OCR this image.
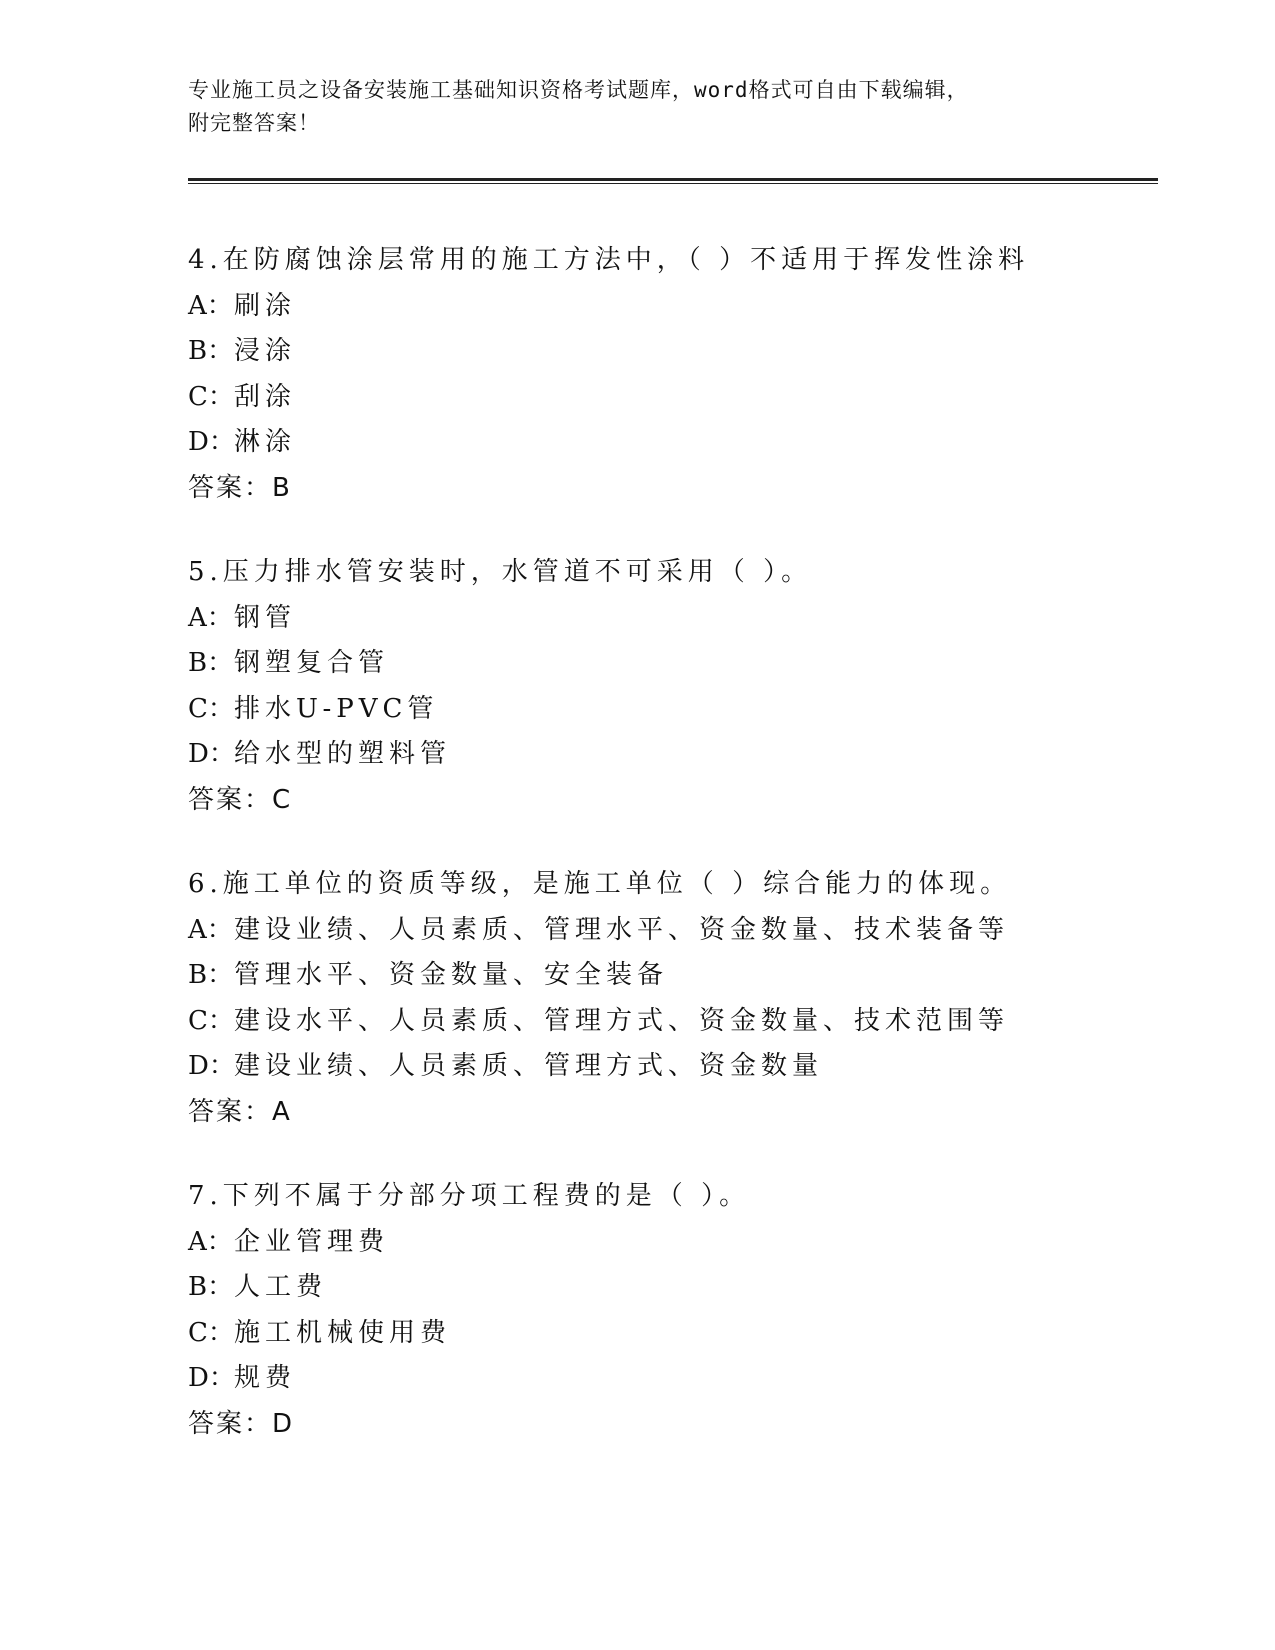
专业施工员之设备安装施工基础知识资格考试题库，word格式可自由下载编辑，
附完整答案！
4.在防腐蚀涂层常用的施工方法中，（ ）不适用于挥发性涂料
A：刷涂
B：浸涂
C：刮涂
D：淋涂
答案：B
5.压力排水管安装时，水管道不可采用（ ）。
A：钢管
B：钢塑复合管
C：排水U-PVC管
D：给水型的塑料管
答案：C
6.施工单位的资质等级，是施工单位（ ）综合能力的体现。
A：建设业绩、人员素质、管理水平、资金数量、技术装备等
B：管理水平、资金数量、安全装备
C：建设水平、人员素质、管理方式、资金数量、技术范围等
D：建设业绩、人员素质、管理方式、资金数量
答案：A
7.下列不属于分部分项工程费的是（ ）。
A：企业管理费
B：人工费
C：施工机械使用费
D：规费
答案：D
